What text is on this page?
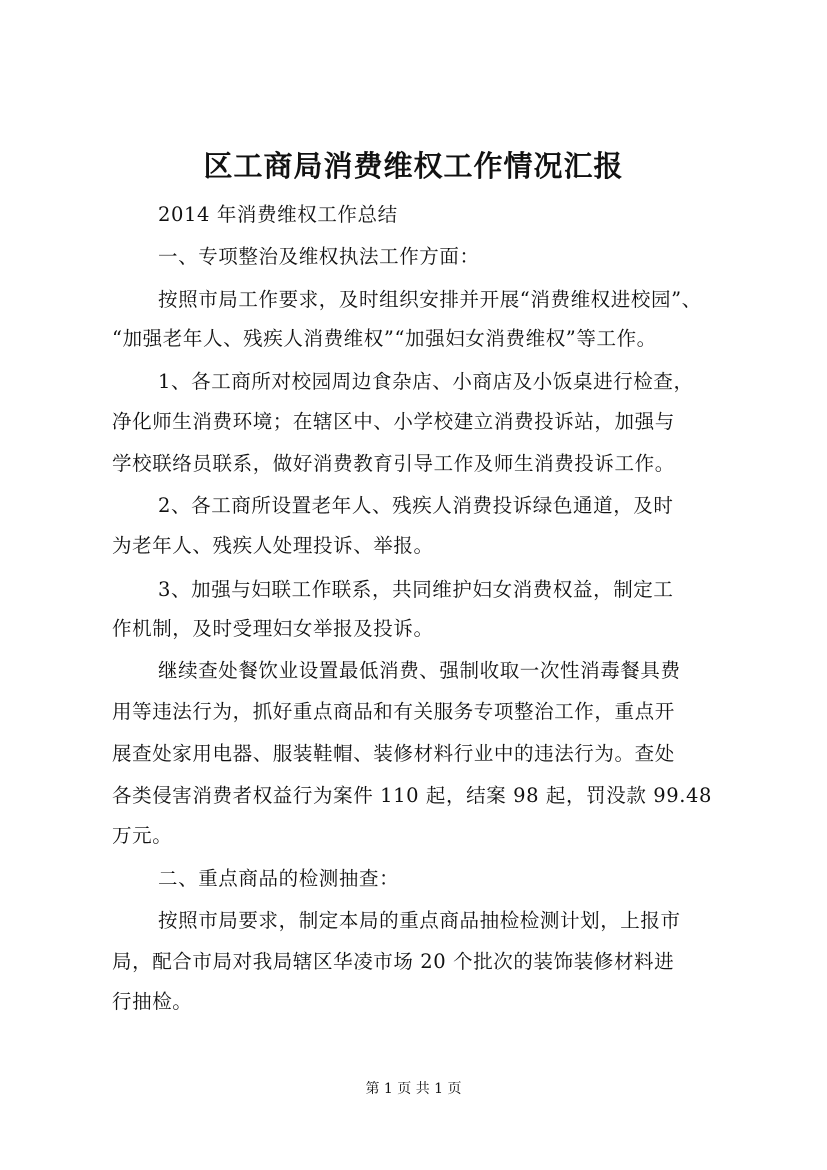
区工商局消费维权工作情况汇报
2014 年消费维权工作总结
一、专项整治及维权执法工作方面：
按照市局工作要求，及时组织安排并开展“消费维权进校园”、
“加强老年人、残疾人消费维权”“加强妇女消费维权”等工作。
1、各工商所对校园周边食杂店、小商店及小饭桌进行检查，
净化师生消费环境；在辖区中、小学校建立消费投诉站，加强与
学校联络员联系，做好消费教育引导工作及师生消费投诉工作。
2、各工商所设置老年人、残疾人消费投诉绿色通道，及时
为老年人、残疾人处理投诉、举报。
3、加强与妇联工作联系，共同维护妇女消费权益，制定工
作机制，及时受理妇女举报及投诉。
继续查处餐饮业设置最低消费、强制收取一次性消毒餐具费
用等违法行为，抓好重点商品和有关服务专项整治工作，重点开
展查处家用电器、服装鞋帽、装修材料行业中的违法行为。查处
各类侵害消费者权益行为案件 110 起，结案 98 起，罚没款 99.48
万元。
二、重点商品的检测抽查：
按照市局要求，制定本局的重点商品抽检检测计划，上报市
局，配合市局对我局辖区华凌市场 20 个批次的装饰装修材料进
行抽检。
第 1 页 共 1 页
